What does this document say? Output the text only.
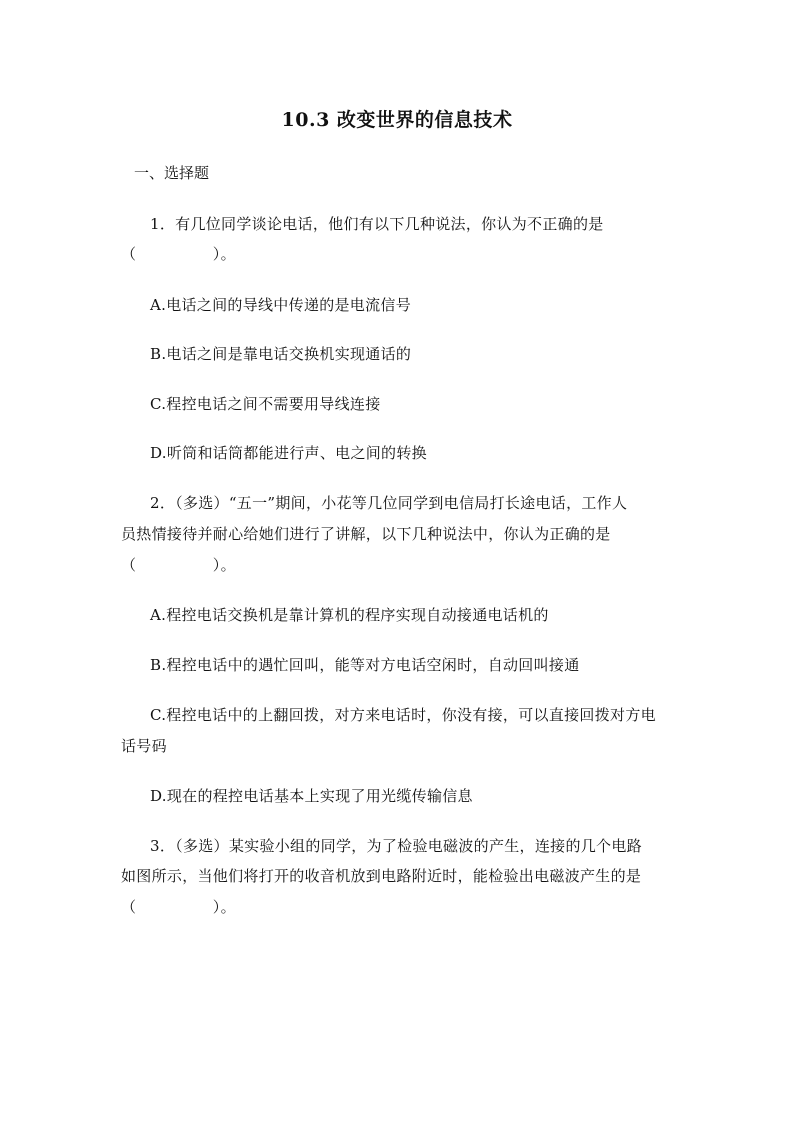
10.3 改变世界的信息技术
一、选择题
1．有几位同学谈论电话，他们有以下几种说法，你认为不正确的是
（　　　　　）。
A.电话之间的导线中传递的是电流信号
B.电话之间是靠电话交换机实现通话的
C.程控电话之间不需要用导线连接
D.听筒和话筒都能进行声、电之间的转换
2．（多选）“五一”期间，小花等几位同学到电信局打长途电话，工作人
员热情接待并耐心给她们进行了讲解，以下几种说法中，你认为正确的是
（　　　　　）。
A.程控电话交换机是靠计算机的程序实现自动接通电话机的
B.程控电话中的遇忙回叫，能等对方电话空闲时，自动回叫接通
C.程控电话中的上翻回拨，对方来电话时，你没有接，可以直接回拨对方电
话号码
D.现在的程控电话基本上实现了用光缆传输信息
3．（多选）某实验小组的同学，为了检验电磁波的产生，连接的几个电路
如图所示，当他们将打开的收音机放到电路附近时，能检验出电磁波产生的是
（　　　　　）。
